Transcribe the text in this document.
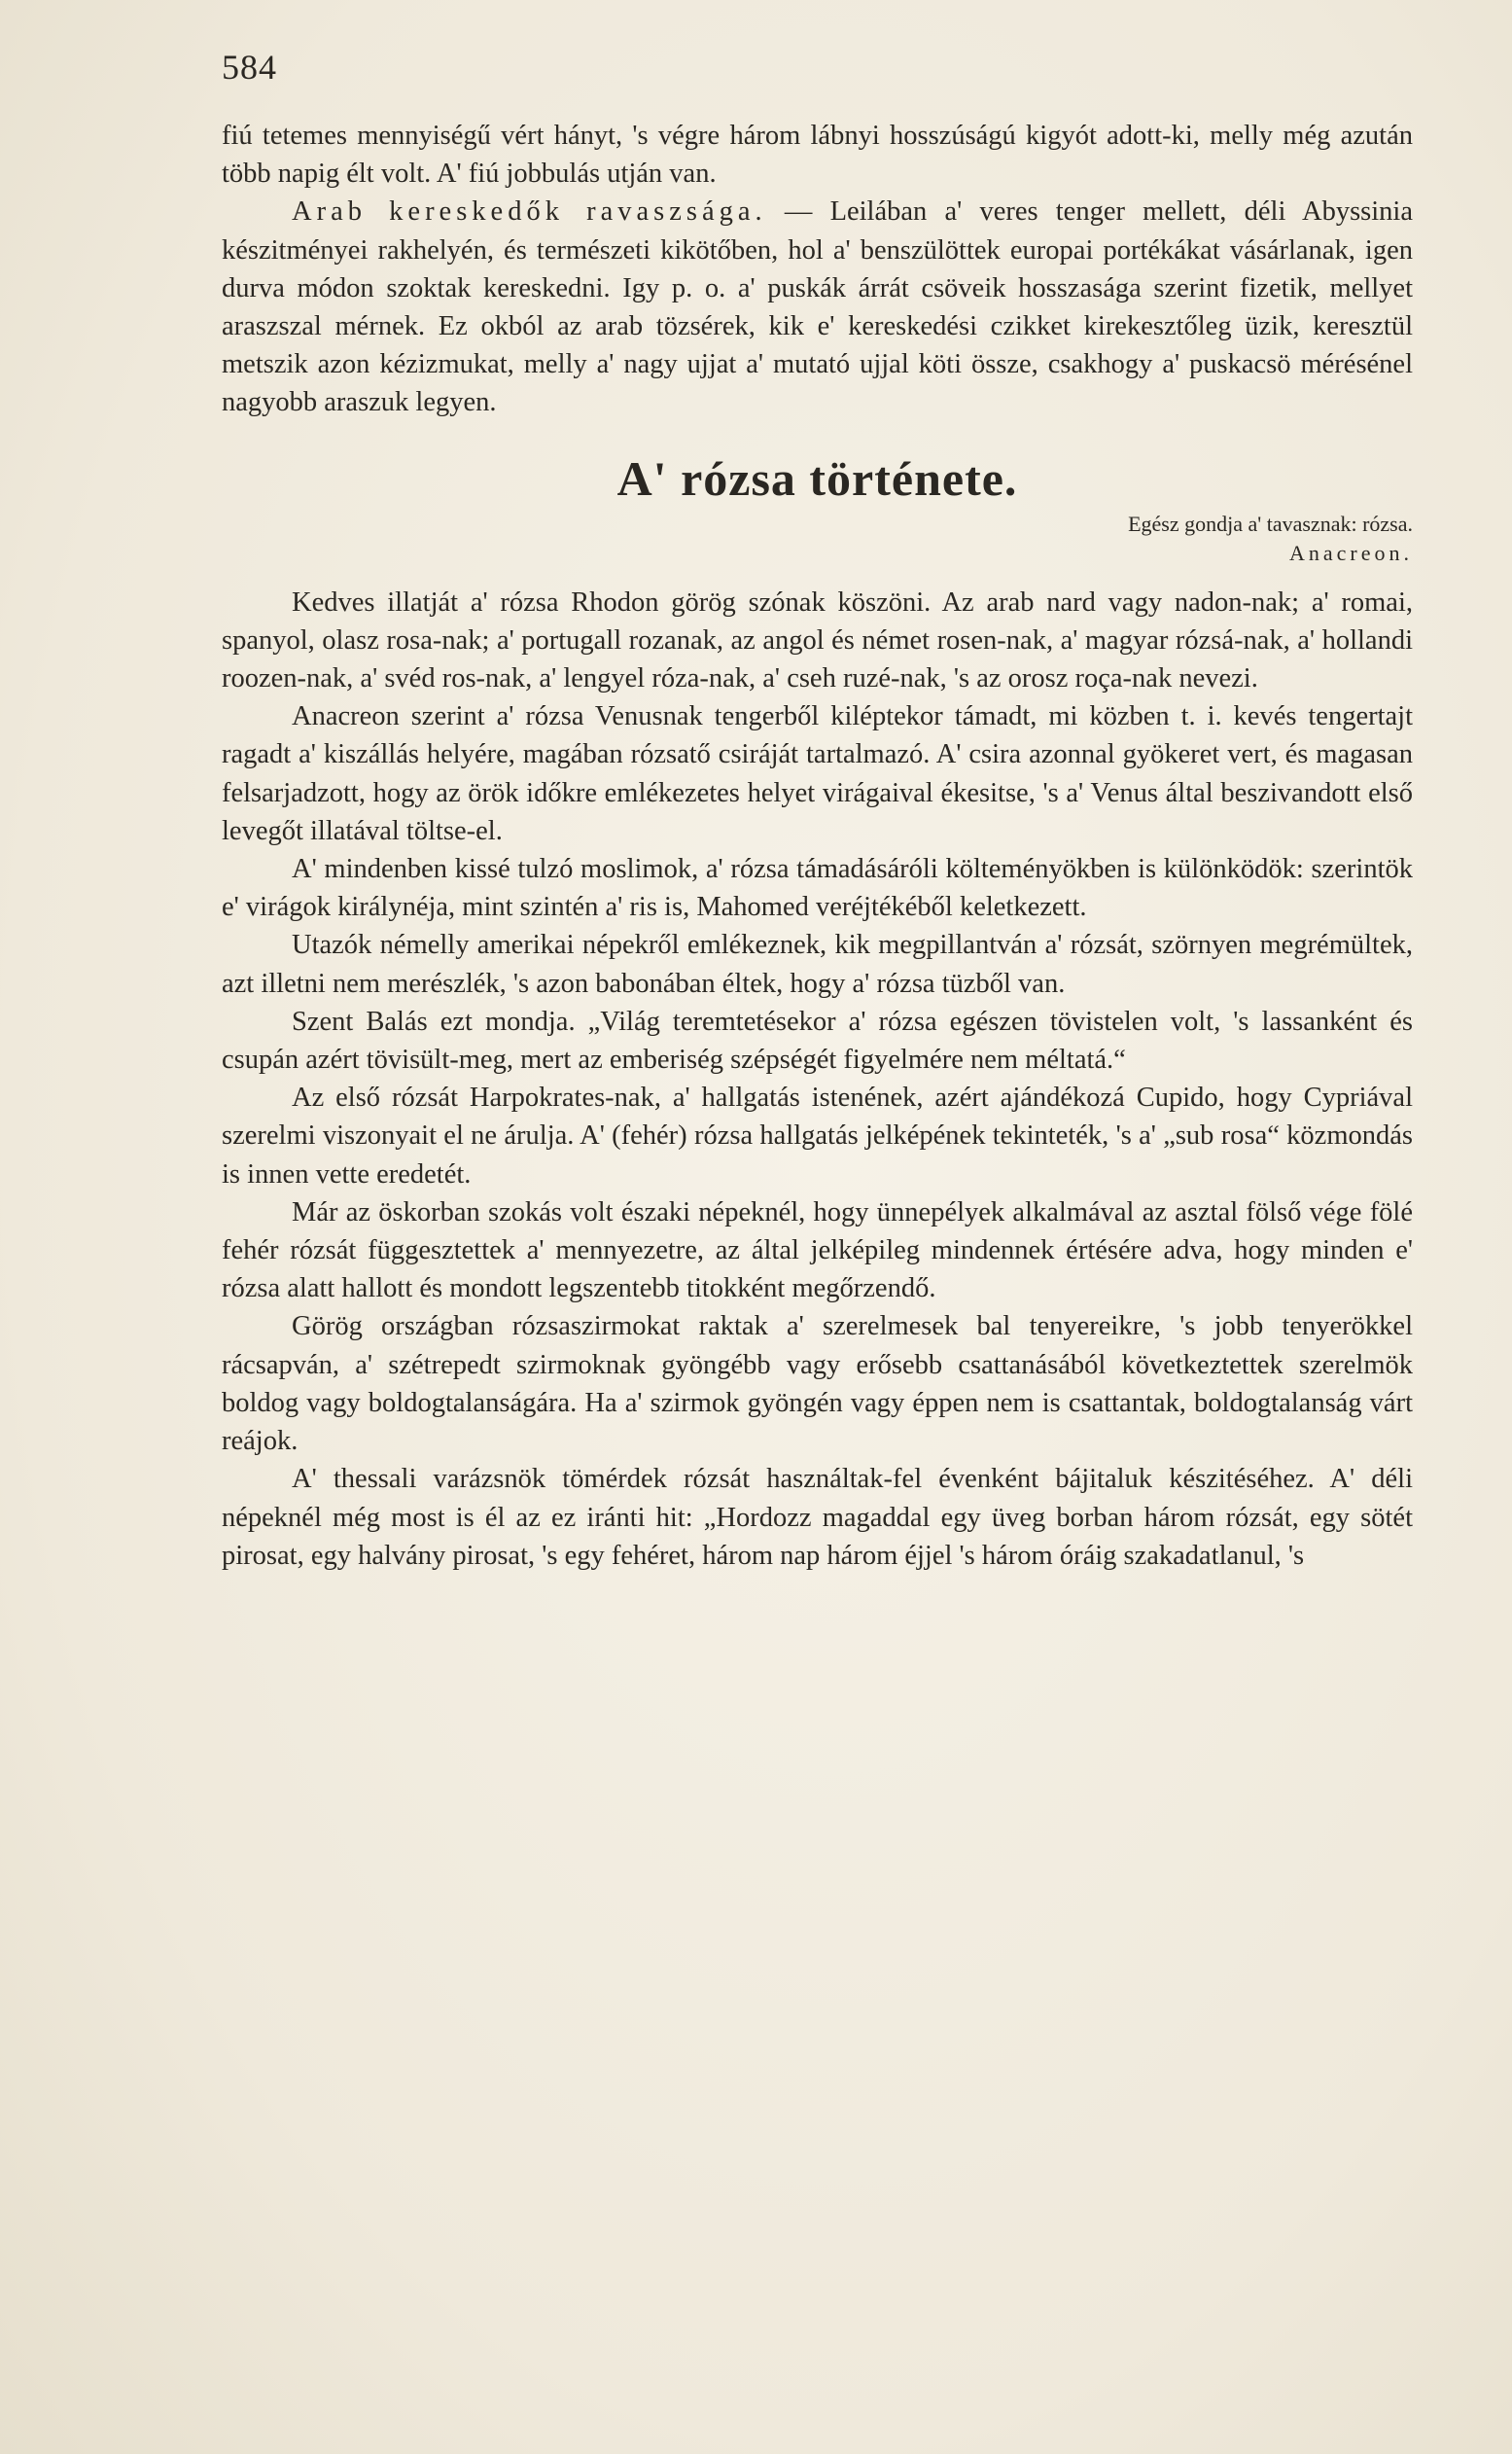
584

fiú tetemes mennyiségű vért hányt, 's végre három lábnyi hosszúságú kigyót adott-ki, melly még azután több napig élt volt. A' fiú jobbulás utján van.

Arab kereskedők ravaszsága. — Leilában a' veres tenger mellett, déli Abyssinia készitményei rakhelyén, és természeti kikötőben, hol a' benszülöttek europai portékákat vásárlanak, igen durva módon szoktak kereskedni. Igy p. o. a' puskák árrát csöveik hosszasága szerint fizetik, mellyet araszszal mérnek. Ez okból az arab tözsérek, kik e' kereskedési czikket kirekesztőleg üzik, keresztül metszik azon kézizmukat, melly a' nagy ujjat a' mutató ujjal köti össze, csakhogy a' puskacsö mérésénel nagyobb araszuk legyen.

A' rózsa története.
Egész gondja a' tavasznak: rózsa.
Anacreon.

Kedves illatját a' rózsa Rhodon görög szónak köszöni. Az arab nard vagy nadon-nak; a' romai, spanyol, olasz rosa-nak; a' portugall rozanak, az angol és német rosen-nak, a' magyar rózsá-nak, a' hollandi roozen-nak, a' svéd ros-nak, a' lengyel róza-nak, a' cseh ruzé-nak, 's az orosz roça-nak nevezi.

Anacreon szerint a' rózsa Venusnak tengerből kiléptekor támadt, mi közben t. i. kevés tengertajt ragadt a' kiszállás helyére, magában rózsatő csiráját tartalmazó. A' csira azonnal gyökeret vert, és magasan felsarjadzott, hogy az örök időkre emlékezetes helyet virágaival ékesitse, 's a' Venus által beszivandott első levegőt illatával töltse-el.

A' mindenben kissé tulzó moslimok, a' rózsa támadásáróli költeményökben is különködök: szerintök e' virágok királynéja, mint szintén a' ris is, Mahomed veréjtékéből keletkezett.

Utazók némelly amerikai népekről emlékeznek, kik megpillantván a' rózsát, szörnyen megrémültek, azt illetni nem merészlék, 's azon babonában éltek, hogy a' rózsa tüzből van.

Szent Balás ezt mondja. „Világ teremtetésekor a' rózsa egészen tövistelen volt, 's lassanként és csupán azért tövisült-meg, mert az emberiség szépségét figyelmére nem méltatá.“

Az első rózsát Harpokrates-nak, a' hallgatás istenének, azért ajándékozá Cupido, hogy Cypriával szerelmi viszonyait el ne árulja. A' (fehér) rózsa hallgatás jelképének tekinteték, 's a' „sub rosa“ közmondás is innen vette eredetét.

Már az öskorban szokás volt északi népeknél, hogy ünnepélyek alkalmával az asztal fölső vége fölé fehér rózsát függesztettek a' mennyezetre, az által jelképileg mindennek értésére adva, hogy minden e' rózsa alatt hallott és mondott legszentebb titokként megőrzendő.

Görög országban rózsaszirmokat raktak a' szerelmesek bal tenyereikre, 's jobb tenyerökkel rácsapván, a' szétrepedt szirmoknak gyöngébb vagy erősebb csattanásából következtettek szerelmök boldog vagy boldogtalanságára. Ha a' szirmok gyöngén vagy éppen nem is csattantak, boldogtalanság várt reájok.

A' thessali varázsnök tömérdek rózsát használtak-fel évenként bájitaluk készitéséhez. A' déli népeknél még most is él az ez iránti hit: „Hordozz magaddal egy üveg borban három rózsát, egy sötét pirosat, egy halvány pirosat, 's egy fehéret, három nap három éjjel 's három óráig szakadatlanul, 's
